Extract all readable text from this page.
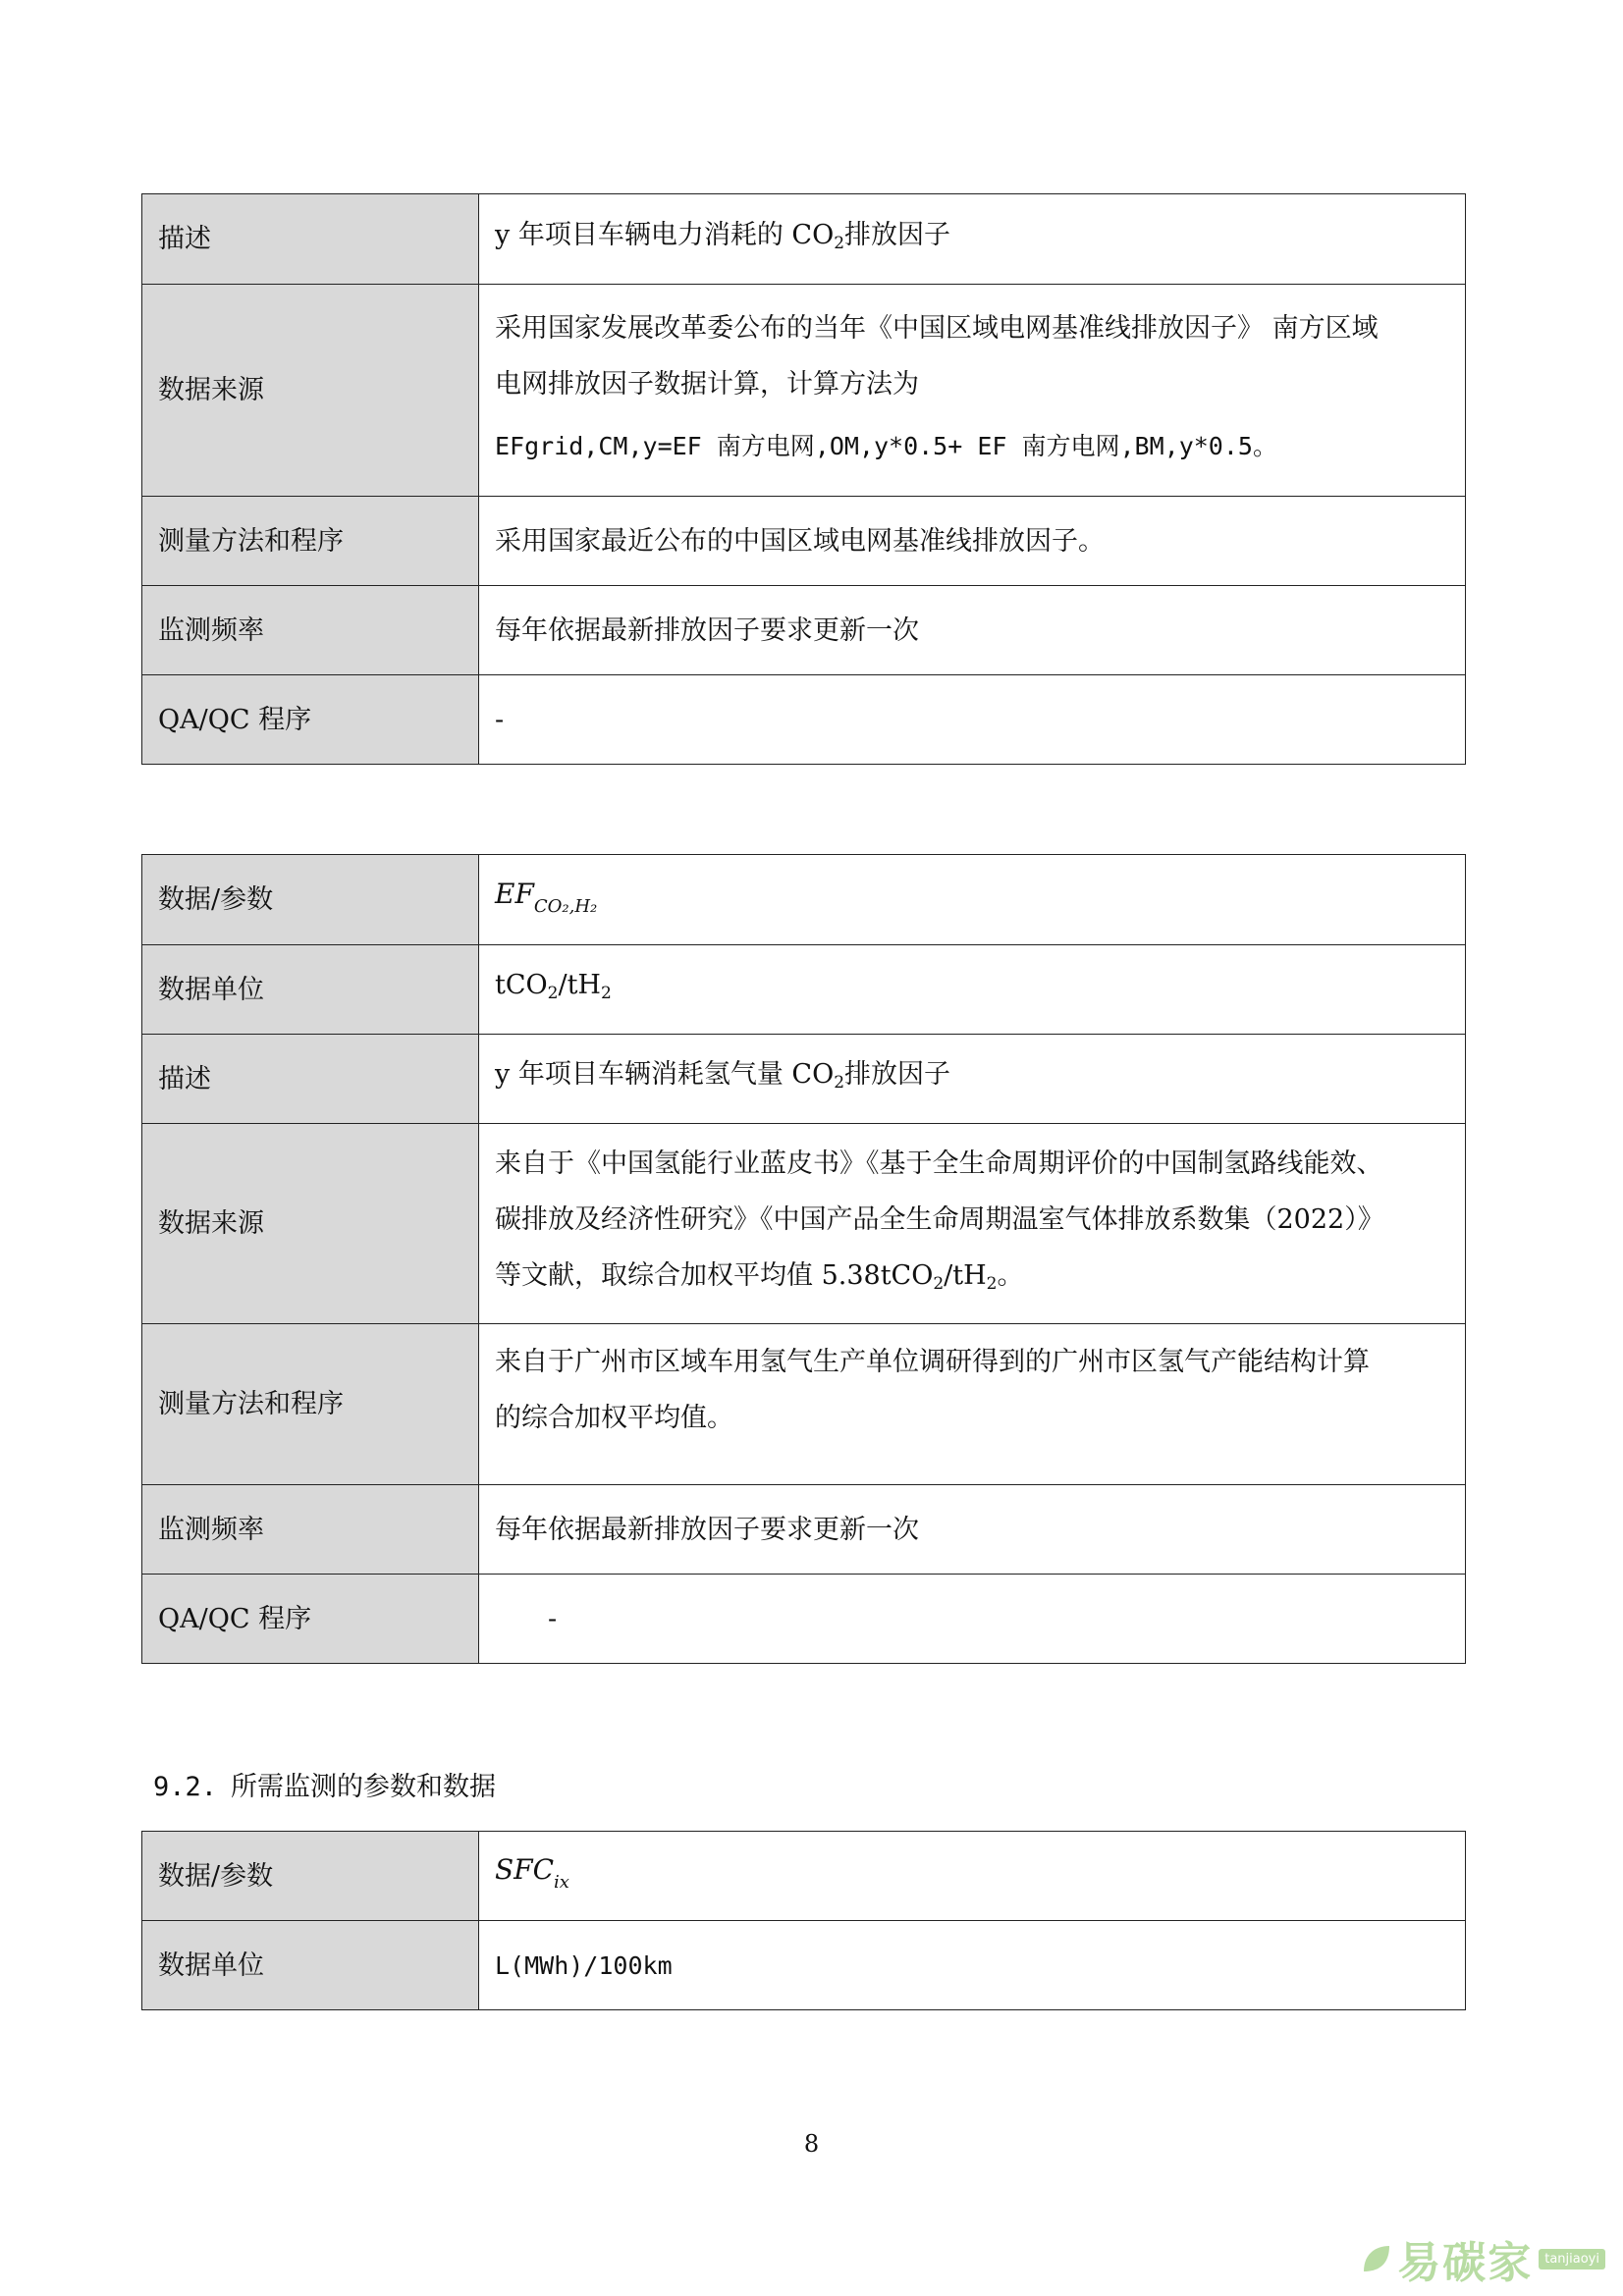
描述	y 年项目车辆电力消耗的 $CO_2$排放因子
数据来源	采用国家发展改革委公布的当年《中国区域电网基准线排放因子》 南方区域
电网排放因子数据计算，计算方法为
EFgrid,CM,y=EF 南方电网,OM,y*0.5+ EF 南方电网,BM,y*0.5。

测量方法和程序	采用国家最近公布的中国区域电网基准线排放因子。
监测频率	每年依据最新排放因子要求更新一次
QA/QC 程序	-
数据/参数	$EF_{CO_2,H_2}$
数据单位	$tCO_2/tH_2$
描述	y 年项目车辆消耗氢气量 $CO_2$排放因子
数据来源	来自于《中国氢能行业蓝皮书》《基于全生命周期评价的中国制氢路线能效、
碳排放及经济性研究》《中国产品全生命周期温室气体排放系数集（2022）》
等文献，取综合加权平均值 $5.38tCO_2/tH_2$。

测量方法和程序	来自于广州市区域车用氢气生产单位调研得到的广州市区氢气产能结构计算
的综合加权平均值。

监测频率	每年依据最新排放因子要求更新一次
QA/QC 程序	-
9.2. 所需监测的参数和数据
数据/参数	$SFC_{ix}$
数据单位	L(MWh)/100km
8
易碳家 tanjiaoyi
